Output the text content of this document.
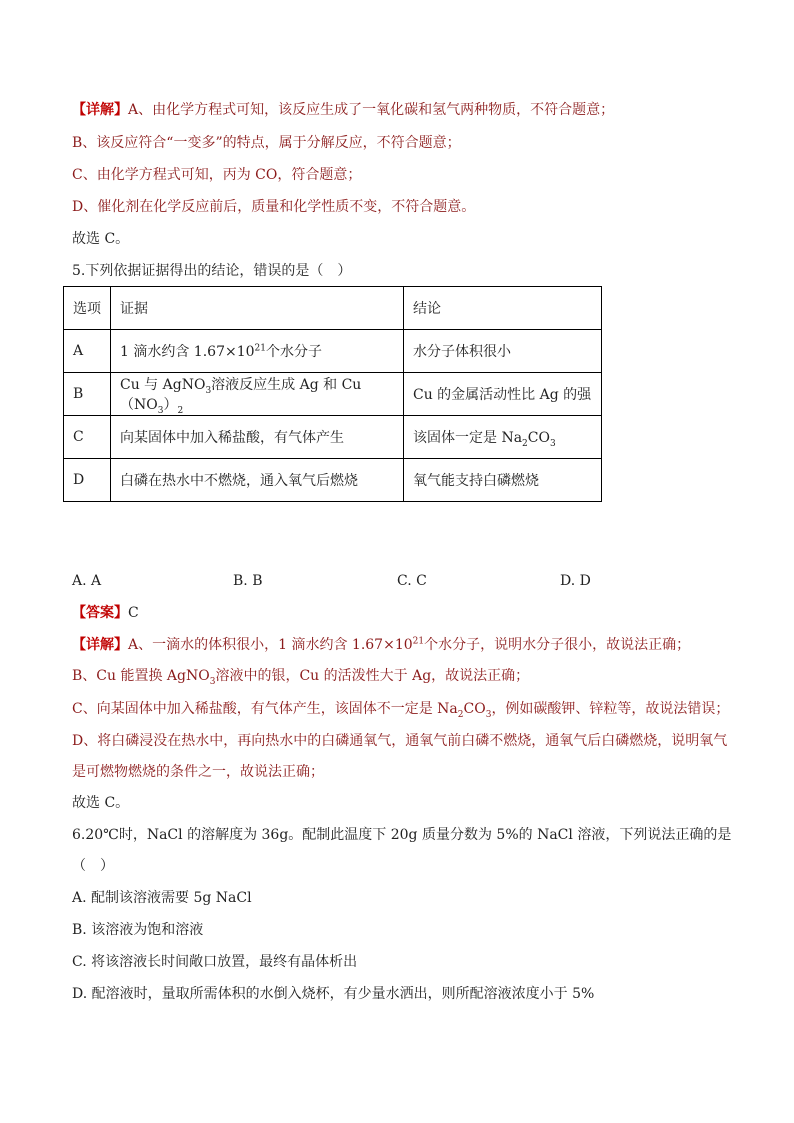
【详解】A、由化学方程式可知，该反应生成了一氧化碳和氢气两种物质，不符合题意；
B、该反应符合“一变多”的特点，属于分解反应，不符合题意；
C、由化学方程式可知，丙为 CO，符合题意；
D、催化剂在化学反应前后，质量和化学性质不变，不符合题意。
故选 C。
5.下列依据证据得出的结论，错误的是（　）
选项	证据	结论
A	1 滴水约含 $1.67\times 10^{21}$个水分子	水分子体积很小
B	Cu 与 AgNO$_3$溶液反应生成 Ag 和 $Cu(NO_3)_2$	Cu 的金属活动性比 Ag 的强
C	向某固体中加入稀盐酸，有气体产生	该固体一定是 $Na_2CO_3$
D	白磷在热水中不燃烧，通入氧气后燃烧	氧气能支持白磷燃烧
A. A	B. B	C. C	D. D
【答案】C
【详解】A、一滴水的体积很小，1 滴水约含 $1.67\times 10^{21}$个水分子，说明水分子很小，故说法正确；
B、Cu 能置换 AgNO$_3$溶液中的银，Cu 的活泼性大于 Ag，故说法正确；
C、向某固体中加入稀盐酸，有气体产生，该固体不一定是 $Na_2CO_3$，例如碳酸钾、锌粒等，故说法错误；
D、将白磷浸没在热水中，再向热水中的白磷通氧气，通氧气前白磷不燃烧，通氧气后白磷燃烧，说明氧气
是可燃物燃烧的条件之一，故说法正确；
故选 C。
6.20℃时，NaCl 的溶解度为 36g。配制此温度下 20g 质量分数为 5%的 NaCl 溶液，下列说法正确的是
（　）
A. 配制该溶液需要 5g NaCl
B. 该溶液为饱和溶液
C. 将该溶液长时间敞口放置，最终有晶体析出
D. 配溶液时，量取所需体积的水倒入烧杯，有少量水洒出，则所配溶液浓度小于 5%
